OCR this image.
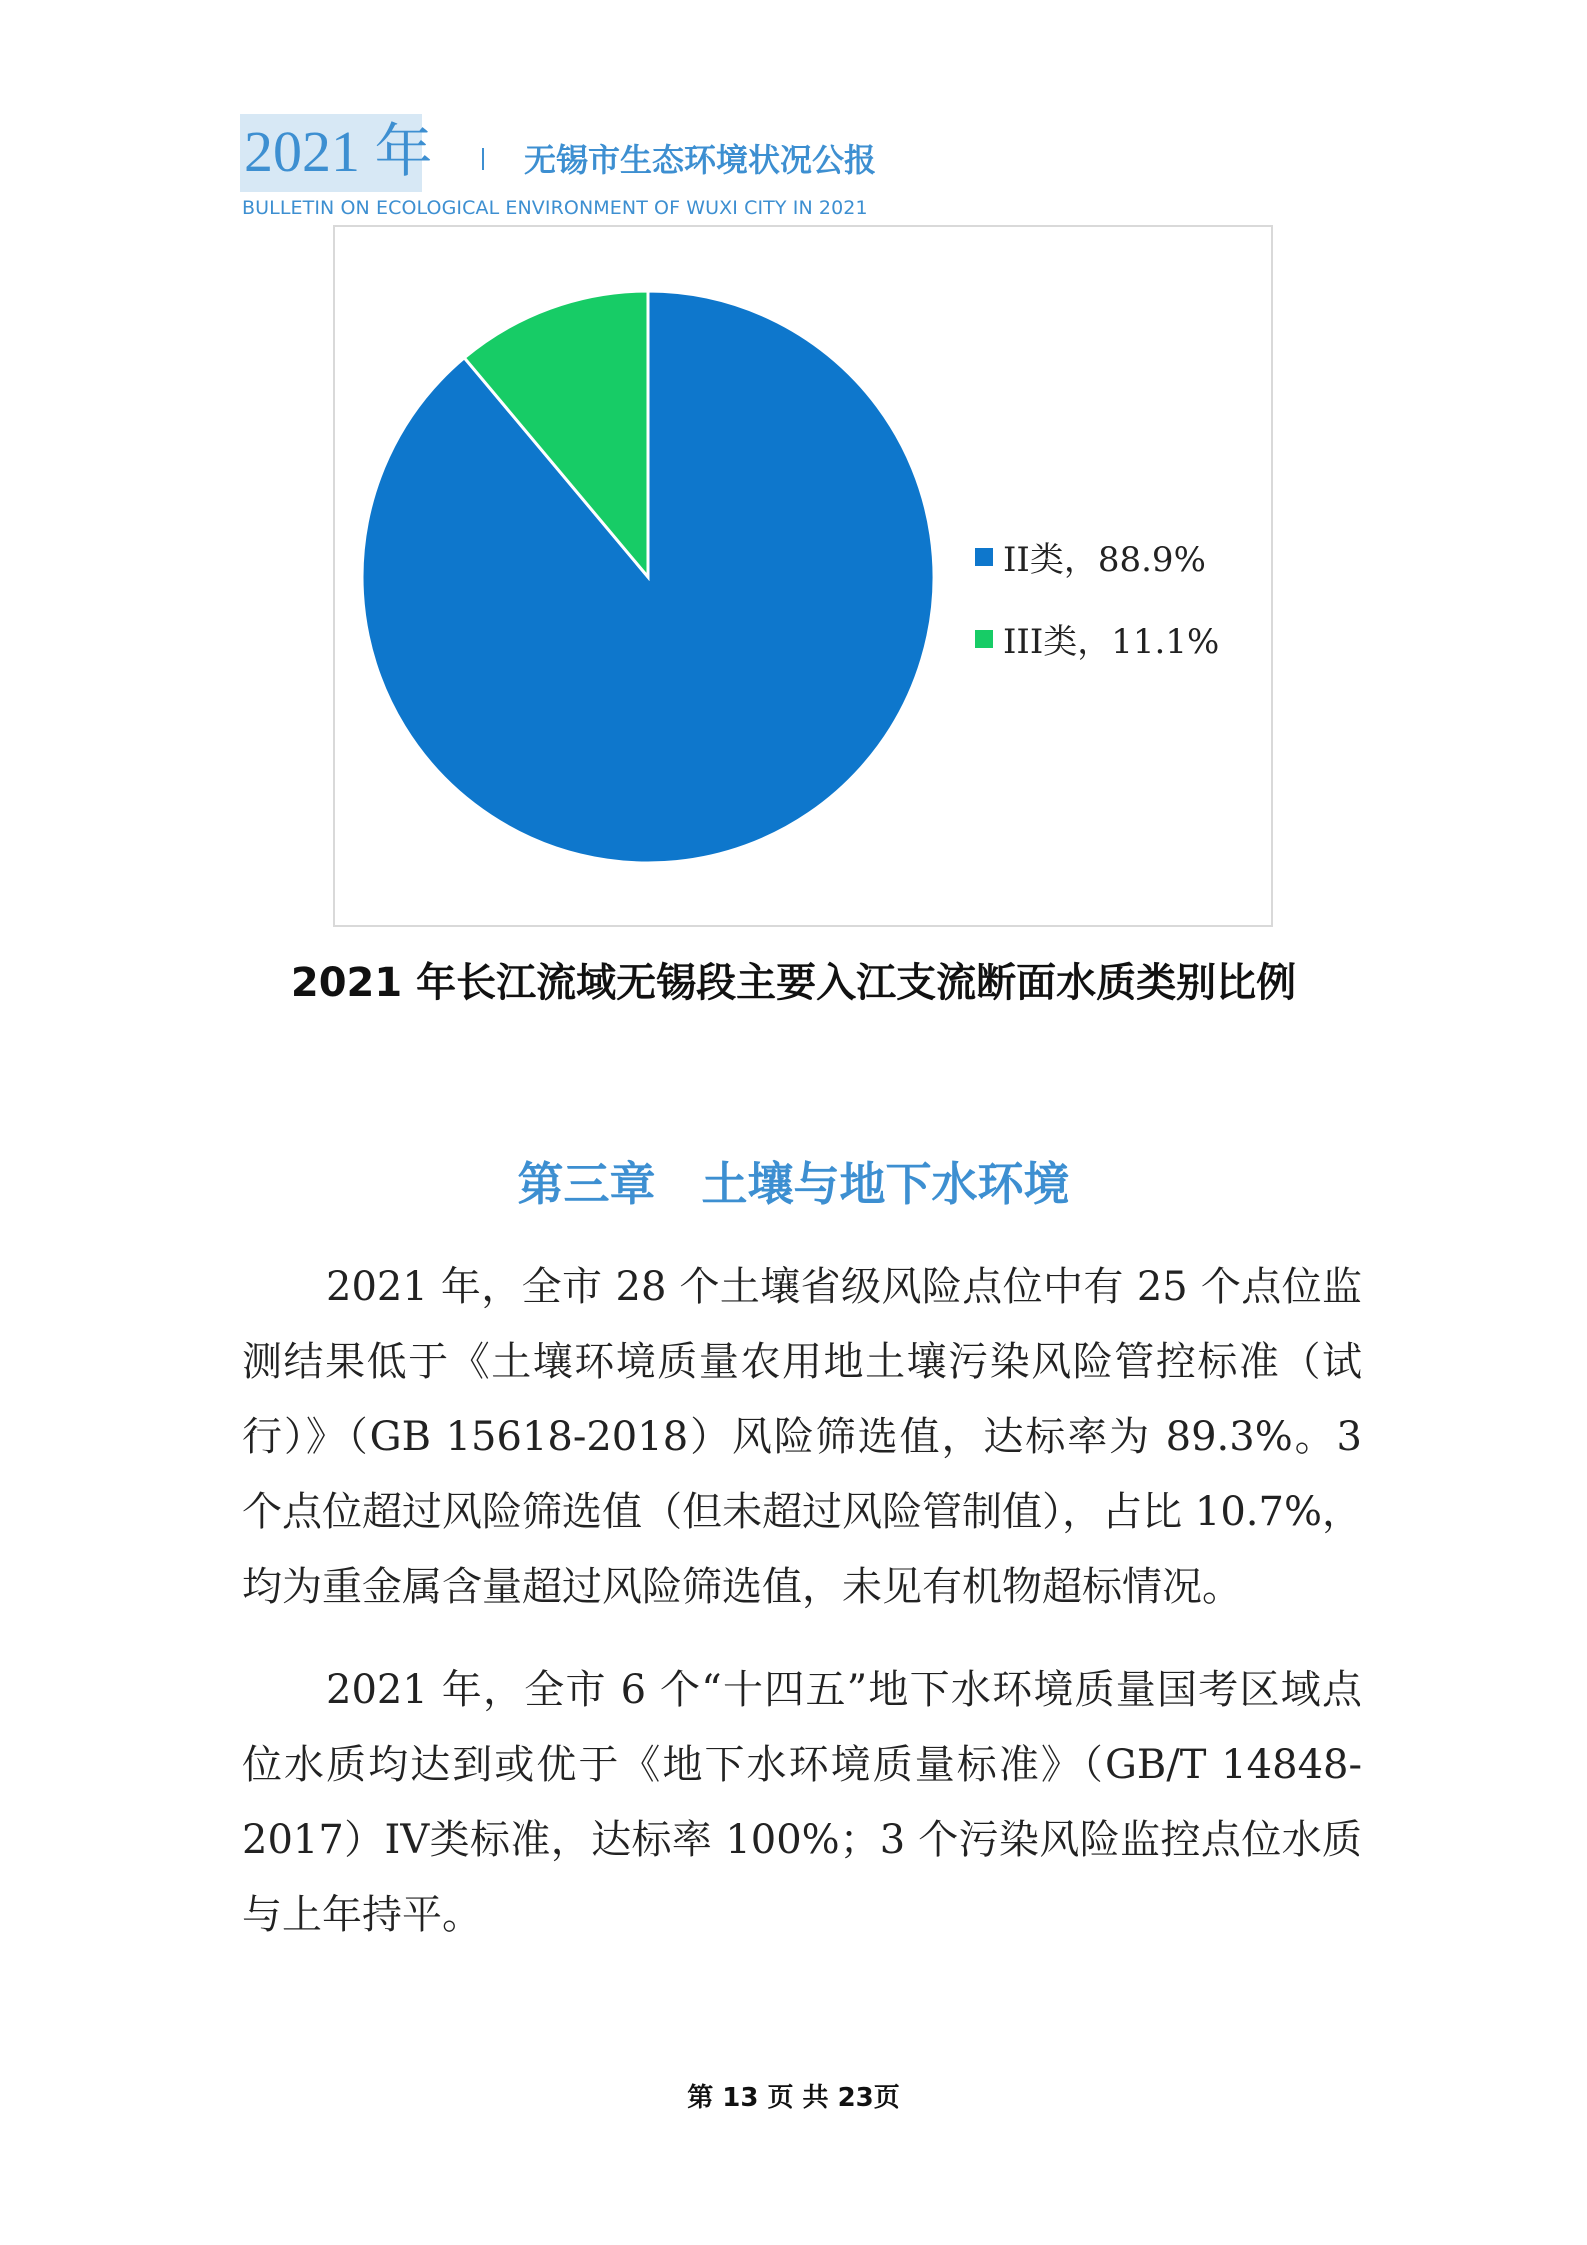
2021 年	无锡市生态环境状况公报
BULLETIN ON ECOLOGICAL ENVIRONMENT OF WUXI CITY IN 2021
II类，88.9%
III类，11.1%
2021 年长江流域无锡段主要入江支流断面水质类别比例
第三章　土壤与地下水环境

2021 年，全市 28 个土壤省级风险点位中有 25 个点位监测结果低于《土壤环境质量农用地土壤污染风险管控标准（试行）》（GB 15618-2018）风险筛选值，达标率为 89.3%。3 个点位超过风险筛选值（但未超过风险管制值），占比 10.7%，均为重金属含量超过风险筛选值，未见有机物超标情况。

2021 年，全市 6 个“十四五”地下水环境质量国考区域点位水质均达到或优于《地下水环境质量标准》（GB/T 14848-2017）IV类标准，达标率 100%；3 个污染风险监控点位水质与上年持平。

第 13 页 共 23页
